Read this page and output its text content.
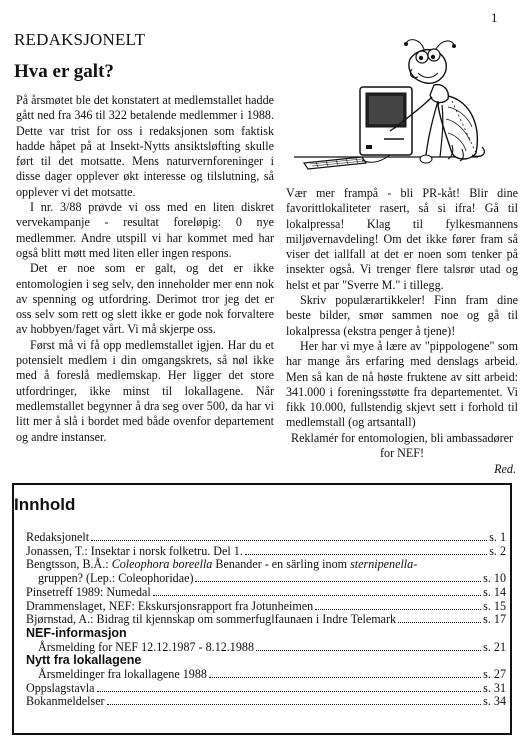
1
REDAKSJONELT
Hva er galt?

På årsmøtet ble det konstatert at medlemstallet hadde gått ned fra 346 til 322 betalende medlemmer i 1988. Dette var trist for oss i redaksjonen som faktisk hadde håpet på at Insekt-Nytts ansiktsløfting skulle ført til det motsatte. Mens naturvernforeninger i disse dager opplever økt interesse og tilslutning, så opplever vi det motsatte.

I nr. 3/88 prøvde vi oss med en liten diskret vervekampanje - resultat foreløpig: 0 nye medlemmer. Andre utspill vi har kommet med har også blitt møtt med liten eller ingen respons.

Det er noe som er galt, og det er ikke entomologien i seg selv, den inneholder mer enn nok av spenning og utfordring. Derimot tror jeg det er oss selv som rett og slett ikke er gode nok forvaltere av hobbyen/faget vårt. Vi må skjerpe oss.

Først må vi få opp medlemstallet igjen. Har du et potensielt medlem i din omgangskrets, så nøl ikke med å foreslå medlemskap. Her ligger det store utfordringer, ikke minst til lokallagene. Når medlemstallet begynner å dra seg over 500, da har vi litt mer å slå i bordet med både ovenfor departement og andre instanser.

Vær mer frampå - bli PR-kåt! Blir dine favorittlokaliteter rasert, så si ifra! Gå til lokalpressa! Klag til fylkesmannens miljøvernavdeling! Om det ikke fører fram så viser det iallfall at det er noen som tenker på insekter også. Vi trenger flere talsrør utad og helst et par "Sverre M." i tillegg.

Skriv populærartikkeler! Finn fram dine beste bilder, smør sammen noe og gå til lokalpressa (ekstra penger å tjene)!

Her har vi mye å lære av "pippologene" som har mange års erfaring med denslags arbeid. Men så kan de nå høste fruktene av sitt arbeid: 341.000 i foreningsstøtte fra departementet. Vi fikk 10.000, fullstendig skjevt sett i forhold til medlemstall (og artsantall)

Reklamér for entomologien, bli ambassadører for NEF!

Red.
Innhold
Redaksjonelt	s. 1
Jonassen, T.: Insektar i norsk folketru. Del 1.	s. 2
Bengtsson, B.Å.: Coleophora boreella Benander - en särling inom sternipenella-
gruppen? (Lep.: Coleophoridae)	s. 10
Pinsetreff 1989: Numedal	s. 14
Drammenslaget, NEF: Ekskursjonsrapport fra Jotunheimen	s. 15
Bjørnstad, A.: Bidrag til kjennskap om sommerfuglfaunaen i Indre Telemark	s. 17
NEF-informasjon
Årsmelding for NEF 12.12.1987 - 8.12.1988	s. 21
Nytt fra lokallagene
Årsmeldinger fra lokallagene 1988	s. 27
Oppslagstavla	s. 31
Bokanmeldelser	s. 34
